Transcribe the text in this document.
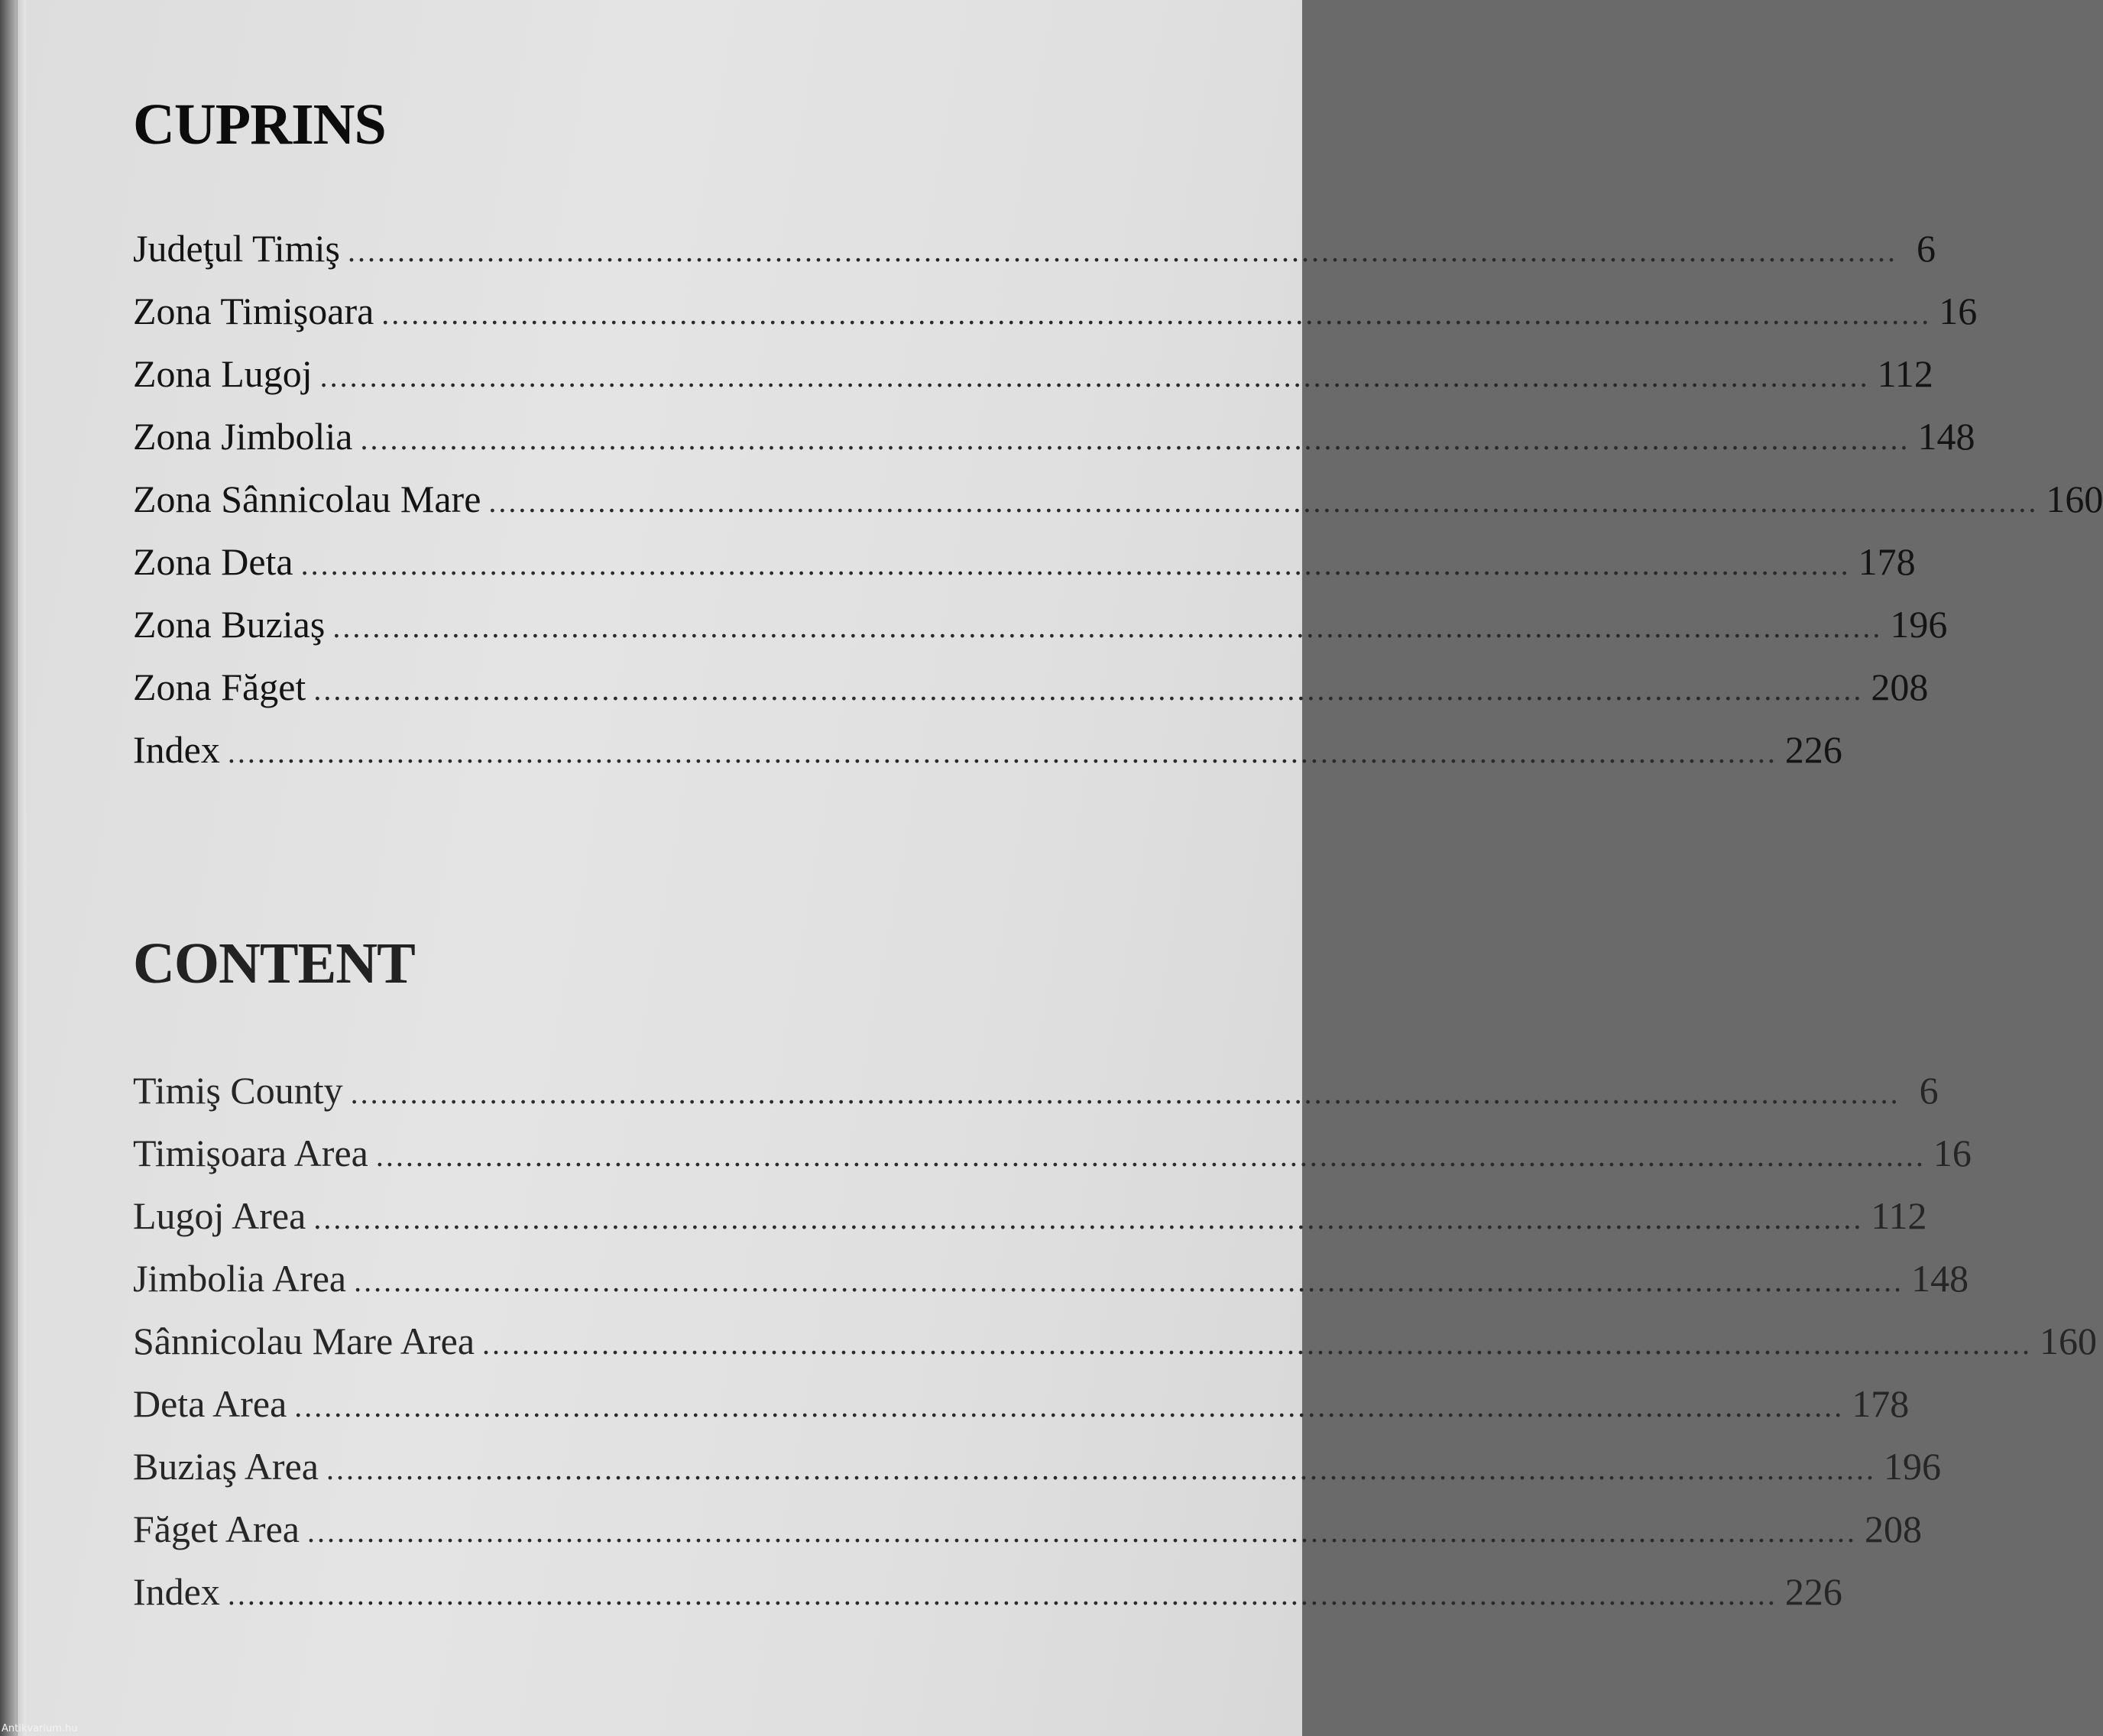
CUPRINS
Judeţul Timiş .....	6
Zona Timişoara .....	16
Zona Lugoj .....	112
Zona Jimbolia .....	148
Zona Sânnicolau Mare .....	160
Zona Deta .....	178
Zona Buziaş .....	196
Zona Făget .....	208
Index .....	226
CONTENT
Timiş County .....	6
Timişoara Area .....	16
Lugoj Area .....	112
Jimbolia Area .....	148
Sânnicolau Mare Area .....	160
Deta Area .....	178
Buziaş Area .....	196
Făget Area .....	208
Index .....	226
Antikvarium.hu
